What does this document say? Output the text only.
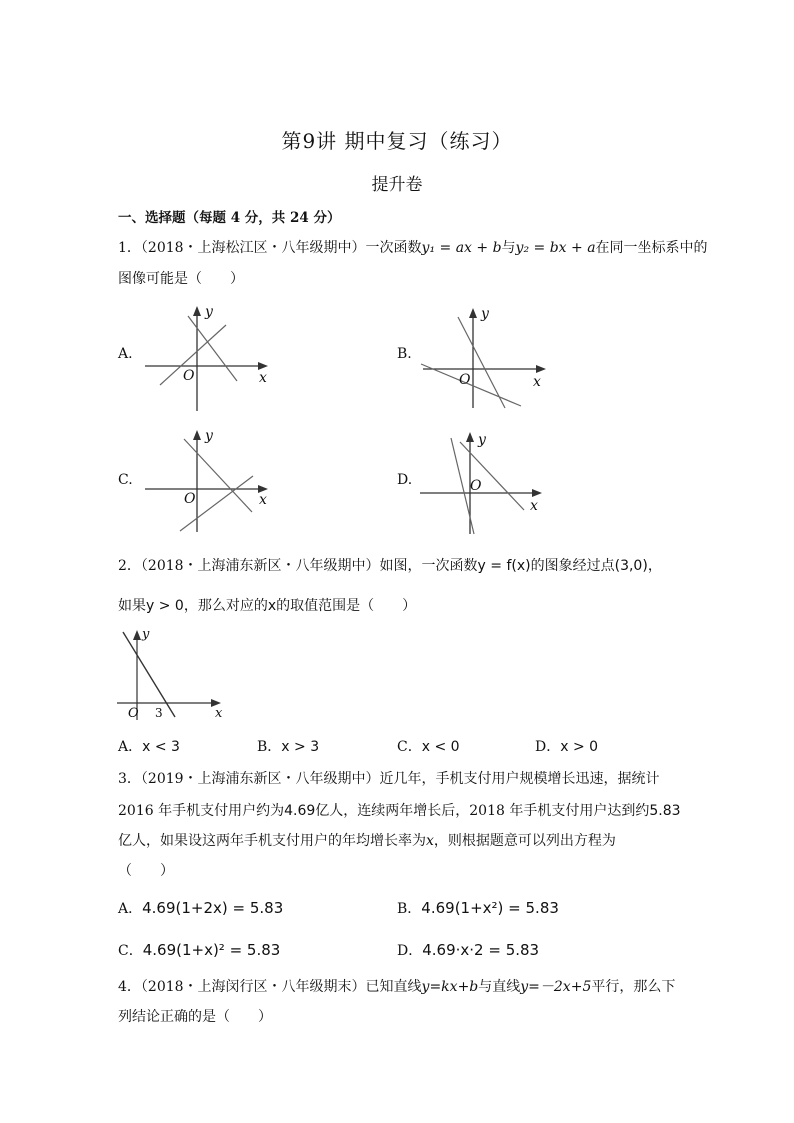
第9讲 期中复习（练习）
提升卷
一、选择题（每题 4 分，共 24 分）
1．（2018・上海松江区・八年级期中）一次函数y₁ = ax + b与y₂ = bx + a在同一坐标系中的
图像可能是（　　）
A.	B.
C.	D.
y
x
O
y
x
O
y
x
O
y
x
O
2．（2018・上海浦东新区・八年级期中）如图，一次函数y = f(x)的图象经过点(3,0)，
如果y > 0，那么对应的x的取值范围是（　　）
y
x
O 3
A．x < 3	B．x > 3	C．x < 0	D．x > 0
3．（2019・上海浦东新区・八年级期中）近几年，手机支付用户规模增长迅速，据统计
2016 年手机支付用户约为4.69亿人，连续两年增长后，2018 年手机支付用户达到约5.83
亿人，如果设这两年手机支付用户的年均增长率为x，则根据题意可以列出方程为
（　　）
A．4.69(1+2x) = 5.83	B．4.69(1+x²) = 5.83
C．4.69(1+x)² = 5.83	D．4.69·x·2 = 5.83
4．（2018・上海闵行区・八年级期末）已知直线y=kx+b与直线y=－2x+5平行，那么下
列结论正确的是（　　）
